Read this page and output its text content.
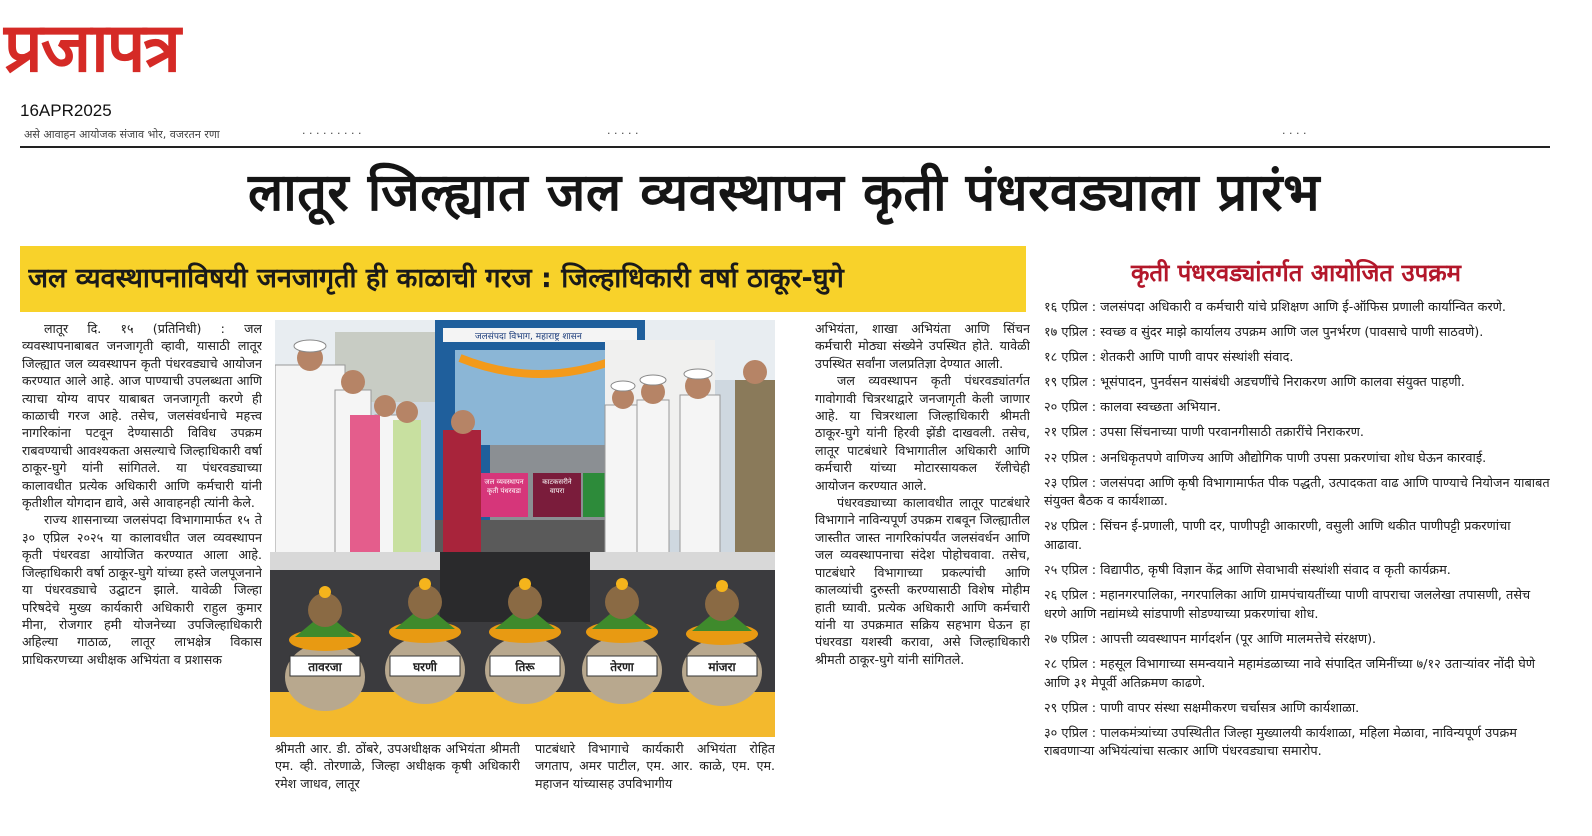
प्रजापत्र
16APR2025
असे आवाहन आयोजक संजाव भोर, वजरतन रणा	· · · · · · · · ·	· · · · ·	· · · ·
लातूर जिल्ह्यात जल व्यवस्थापन कृती पंधरवड्याला प्रारंभ
जल व्यवस्थापनाविषयी जनजागृती ही काळाची गरज : जिल्हाधिकारी वर्षा ठाकूर-घुगे

लातूर दि. १५ (प्रतिनिधी) : जल व्यवस्थापनाबाबत जनजागृती व्हावी, यासाठी लातूर जिल्ह्यात जल व्यवस्थापन कृती पंधरवड्याचे आयोजन करण्यात आले आहे. आज पाण्याची उपलब्धता आणि त्याचा योग्य वापर याबाबत जनजागृती करणे ही काळाची गरज आहे. तसेच, जलसंवर्धनाचे महत्त्व नागरिकांना पटवून देण्यासाठी विविध उपक्रम राबवण्याची आवश्यकता असल्याचे जिल्हाधिकारी वर्षा ठाकूर-घुगे यांनी सांगितले. या पंधरवड्याच्या कालावधीत प्रत्येक अधिकारी आणि कर्मचारी यांनी कृतीशील योगदान द्यावे, असे आवाहनही त्यांनी केले.

राज्य शासनाच्या जलसंपदा विभागामार्फत १५ ते ३० एप्रिल २०२५ या कालावधीत जल व्यवस्थापन कृती पंधरवडा आयोजित करण्यात आला आहे. जिल्हाधिकारी वर्षा ठाकूर-घुगे यांच्या हस्ते जलपूजनाने या पंधरवड्याचे उद्घाटन झाले. यावेळी जिल्हा परिषदेचे मुख्य कार्यकारी अधिकारी राहुल कुमार मीना, रोजगार हमी योजनेच्या उपजिल्हाधिकारी अहिल्या गाठाळ, लातूर लाभक्षेत्र विकास प्राधिकरणच्या अधीक्षक अभियंता व प्रशासक

जलसंपदा विभाग, महाराष्ट्र शासन
जल व्यवस्थापन कृती पंधरवडा
काटकसरीने वापरा
तावरजा	घरणी	तिरू	तेरणा	मांजरा

श्रीमती आर. डी. ठोंबरे, उपअधीक्षक अभियंता श्रीमती एम. व्ही. तोरणाळे, जिल्हा अधीक्षक कृषी अधिकारी रमेश जाधव, लातूर

पाटबंधारे विभागाचे कार्यकारी अभियंता रोहित जगताप, अमर पाटील, एम. आर. काळे, एम. एम. महाजन यांच्यासह उपविभागीय

अभियंता, शाखा अभियंता आणि सिंचन कर्मचारी मोठ्या संख्येने उपस्थित होते. यावेळी उपस्थित सर्वांना जलप्रतिज्ञा देण्यात आली.

जल व्यवस्थापन कृती पंधरवड्यांतर्गत गावोगावी चित्ररथाद्वारे जनजागृती केली जाणार आहे. या चित्ररथाला जिल्हाधिकारी श्रीमती ठाकूर-घुगे यांनी हिरवी झेंडी दाखवली. तसेच, लातूर पाटबंधारे विभागातील अधिकारी आणि कर्मचारी यांच्या मोटारसायकल रॅलीचेही आयोजन करण्यात आले.

पंधरवड्याच्या कालावधीत लातूर पाटबंधारे विभागाने नाविन्यपूर्ण उपक्रम राबवून जिल्ह्यातील जास्तीत जास्त नागरिकांपर्यंत जलसंवर्धन आणि जल व्यवस्थापनाचा संदेश पोहोचवावा. तसेच, पाटबंधारे विभागाच्या प्रकल्पांची आणि कालव्यांची दुरुस्ती करण्यासाठी विशेष मोहीम हाती घ्यावी. प्रत्येक अधिकारी आणि कर्मचारी यांनी या उपक्रमात सक्रिय सहभाग घेऊन हा पंधरवडा यशस्वी करावा, असे जिल्हाधिकारी श्रीमती ठाकूर-घुगे यांनी सांगितले.

कृती पंधरवड्यांतर्गत आयोजित उपक्रम
१६ एप्रिल : जलसंपदा अधिकारी व कर्मचारी यांचे प्रशिक्षण आणि ई-ऑफिस प्रणाली कार्यान्वित करणे.
१७ एप्रिल : स्वच्छ व सुंदर माझे कार्यालय उपक्रम आणि जल पुनर्भरण (पावसाचे पाणी साठवणे).
१८ एप्रिल : शेतकरी आणि पाणी वापर संस्थांशी संवाद.
१९ एप्रिल : भूसंपादन, पुनर्वसन यासंबंधी अडचणींचे निराकरण आणि कालवा संयुक्त पाहणी.
२० एप्रिल : कालवा स्वच्छता अभियान.
२१ एप्रिल : उपसा सिंचनाच्या पाणी परवानगीसाठी तक्रारींचे निराकरण.
२२ एप्रिल : अनधिकृतपणे वाणिज्य आणि औद्योगिक पाणी उपसा प्रकरणांचा शोध घेऊन कारवाई.
२३ एप्रिल : जलसंपदा आणि कृषी विभागामार्फत पीक पद्धती, उत्पादकता वाढ आणि पाण्याचे नियोजन याबाबत संयुक्त बैठक व कार्यशाळा.
२४ एप्रिल : सिंचन ई-प्रणाली, पाणी दर, पाणीपट्टी आकारणी, वसुली आणि थकीत पाणीपट्टी प्रकरणांचा आढावा.
२५ एप्रिल : विद्यापीठ, कृषी विज्ञान केंद्र आणि सेवाभावी संस्थांशी संवाद व कृती कार्यक्रम.
२६ एप्रिल : महानगरपालिका, नगरपालिका आणि ग्रामपंचायतींच्या पाणी वापराचा जललेखा तपासणी, तसेच धरणे आणि नद्यांमध्ये सांडपाणी सोडण्याच्या प्रकरणांचा शोध.
२७ एप्रिल : आपत्ती व्यवस्थापन मार्गदर्शन (पूर आणि मालमत्तेचे संरक्षण).
२८ एप्रिल : महसूल विभागाच्या समन्वयाने महामंडळाच्या नावे संपादित जमिनींच्या ७/१२ उताऱ्यांवर नोंदी घेणे आणि ३१ मेपूर्वी अतिक्रमण काढणे.
२९ एप्रिल : पाणी वापर संस्था सक्षमीकरण चर्चासत्र आणि कार्यशाळा.
३० एप्रिल : पालकमंत्र्यांच्या उपस्थितीत जिल्हा मुख्यालयी कार्यशाळा, महिला मेळावा, नाविन्यपूर्ण उपक्रम राबवणाऱ्या अभियंत्यांचा सत्कार आणि पंधरवड्याचा समारोप.
